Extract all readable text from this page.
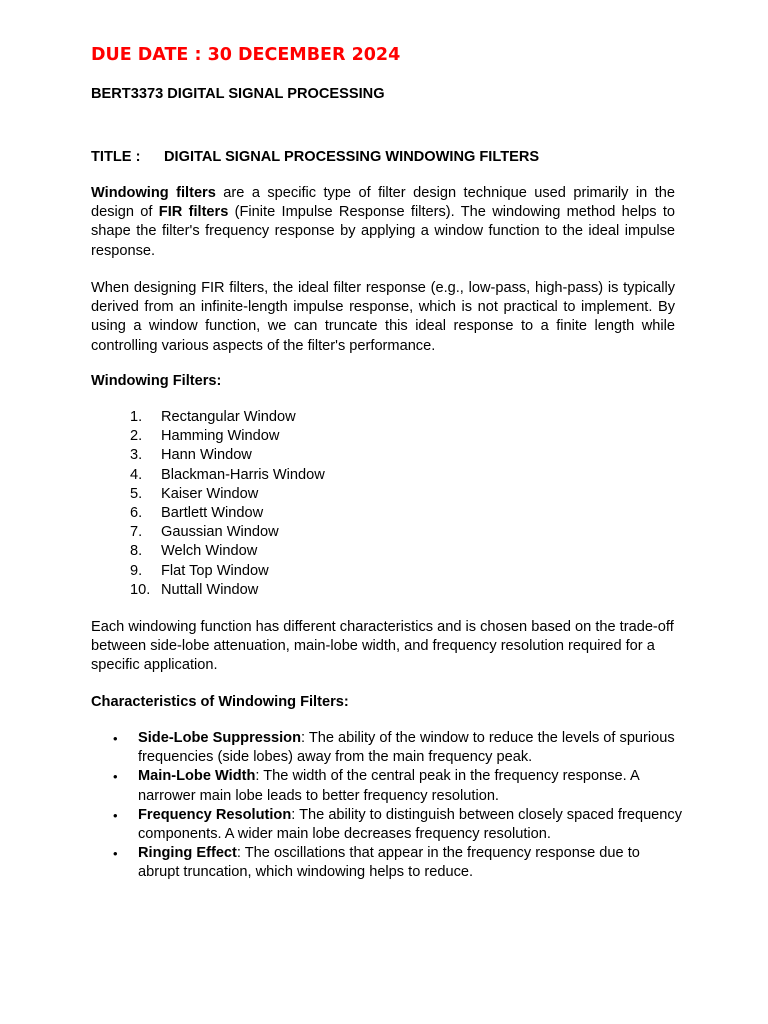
DUE DATE : 30 DECEMBER 2024
BERT3373 DIGITAL SIGNAL PROCESSING
TITLE : DIGITAL SIGNAL PROCESSING WINDOWING FILTERS

Windowing filters are a specific type of filter design technique used primarily in the design of FIR filters (Finite Impulse Response filters). The windowing method helps to shape the filter's frequency response by applying a window function to the ideal impulse response.

When designing FIR filters, the ideal filter response (e.g., low-pass, high-pass) is typically derived from an infinite-length impulse response, which is not practical to implement. By using a window function, we can truncate this ideal response to a finite length while controlling various aspects of the filter's performance.

Windowing Filters:
1. Rectangular Window
2. Hamming Window
3. Hann Window
4. Blackman-Harris Window
5. Kaiser Window
6. Bartlett Window
7. Gaussian Window
8. Welch Window
9. Flat Top Window
10. Nuttall Window

Each windowing function has different characteristics and is chosen based on the trade-off between side-lobe attenuation, main-lobe width, and frequency resolution required for a specific application.

Characteristics of Windowing Filters:
•	Side-Lobe Suppression: The ability of the window to reduce the levels of spurious frequencies (side lobes) away from the main frequency peak.
•	Main-Lobe Width: The width of the central peak in the frequency response. A narrower main lobe leads to better frequency resolution.
•	Frequency Resolution: The ability to distinguish between closely spaced frequency components. A wider main lobe decreases frequency resolution.
•	Ringing Effect: The oscillations that appear in the frequency response due to abrupt truncation, which windowing helps to reduce.
